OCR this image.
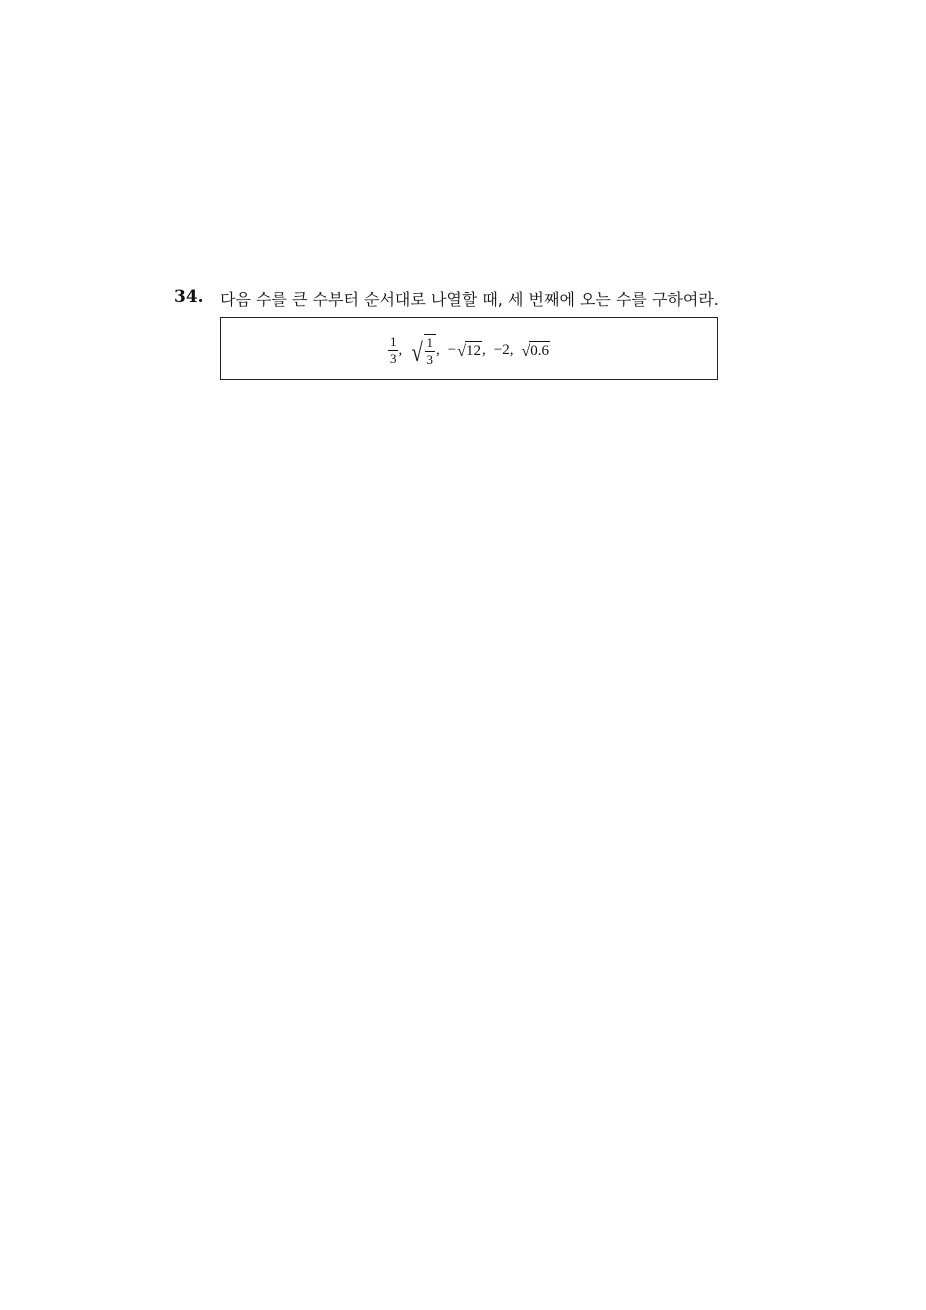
34. 다음 수를 큰 수부터 순서대로 나열할 때, 세 번째에 오는 수를 구하여라.
$\frac{1}{3}$ , √ $\frac{1}{3}$ , − √ 12 , −2 , √ 0.6
